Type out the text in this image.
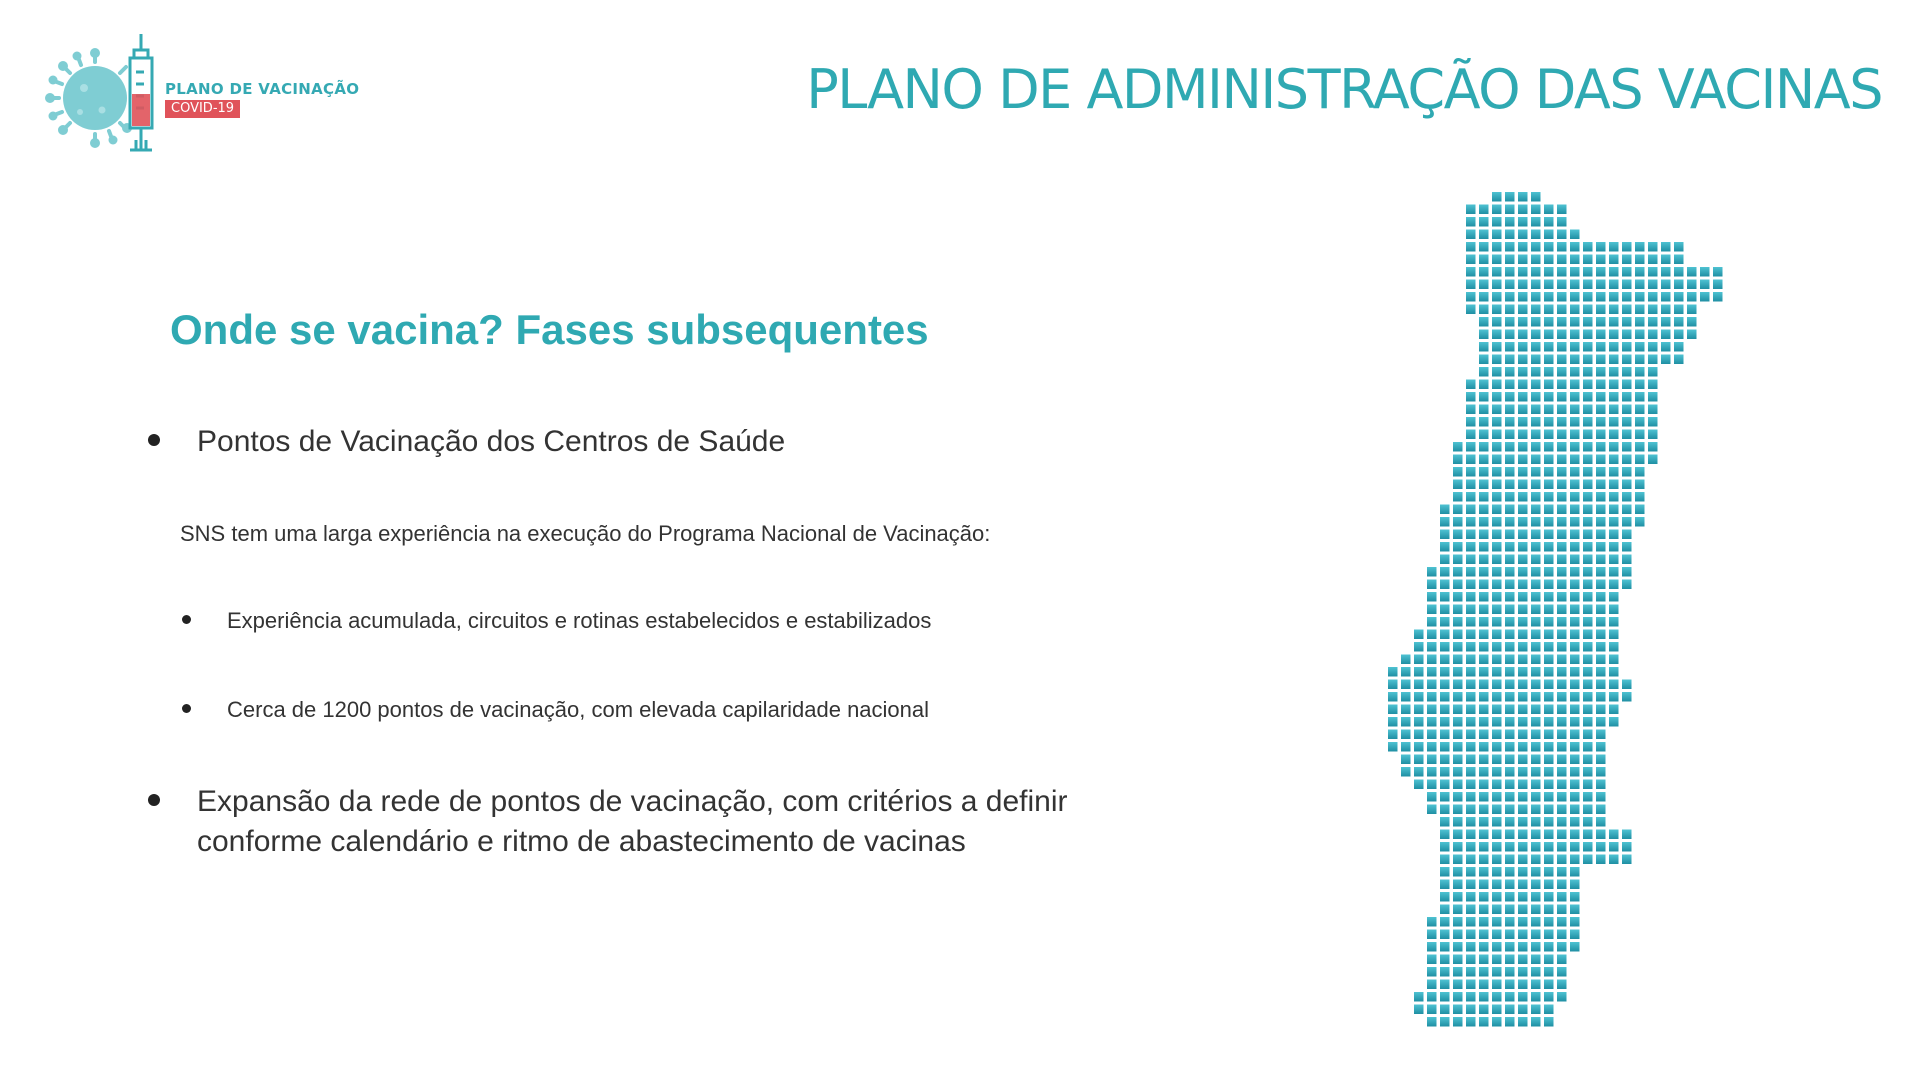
PLANO DE VACINAÇÃO
COVID-19	PLANO DE ADMINISTRAÇÃO DAS VACINAS
Onde se vacina? Fases subsequentes
Pontos de Vacinação dos Centros de Saúde
SNS tem uma larga experiência na execução do Programa Nacional de Vacinação:
Experiência acumulada, circuitos e rotinas estabelecidos e estabilizados
Cerca de 1200 pontos de vacinação, com elevada capilaridade nacional
Expansão da rede de pontos de vacinação, com critérios a definir conforme calendário e ritmo de abastecimento de vacinas
